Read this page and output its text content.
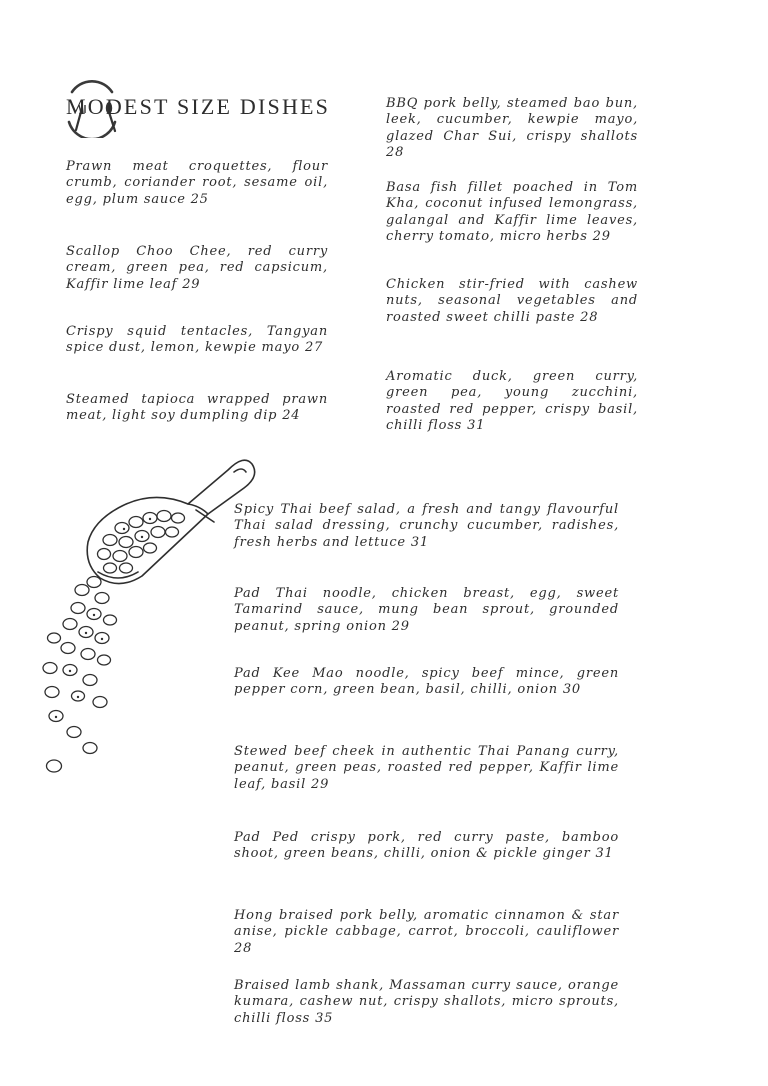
MODEST SIZE DISHES

Prawn meat croquettes, flour crumb, coriander root, sesame oil, egg, plum sauce 25

Scallop Choo Chee, red curry cream, green pea, red capsicum, Kaffir lime leaf 29

Crispy squid tentacles, Tangyan spice dust, lemon, kewpie mayo 27

Steamed tapioca wrapped prawn meat, light soy dumpling dip 24

BBQ pork belly, steamed bao bun, leek, cucumber, kewpie mayo, glazed Char Sui, crispy shallots 28

Basa fish fillet poached in Tom Kha, coconut infused lemongrass, galangal and Kaffir lime leaves, cherry tomato, micro herbs 29

Chicken stir-fried with cashew nuts, seasonal vegetables and roasted sweet chilli paste 28

Aromatic duck, green curry, green pea, young zucchini, roasted red pepper, crispy basil, chilli floss 31

Spicy Thai beef salad, a fresh and tangy flavourful Thai salad dressing, crunchy cucumber, radishes, fresh herbs and lettuce 31

Pad Thai noodle, chicken breast, egg, sweet Tamarind sauce, mung bean sprout, grounded peanut, spring onion 29

Pad Kee Mao noodle, spicy beef mince, green pepper corn, green bean, basil, chilli, onion 30

Stewed beef cheek in authentic Thai Panang curry, peanut, green peas, roasted red pepper, Kaffir lime leaf, basil 29

Pad Ped crispy pork, red curry paste, bamboo shoot, green beans, chilli, onion & pickle ginger 31

Hong braised pork belly, aromatic cinnamon & star anise, pickle cabbage, carrot, broccoli, cauliflower 28

Braised lamb shank, Massaman curry sauce, orange kumara, cashew nut, crispy shallots, micro sprouts, chilli floss 35
